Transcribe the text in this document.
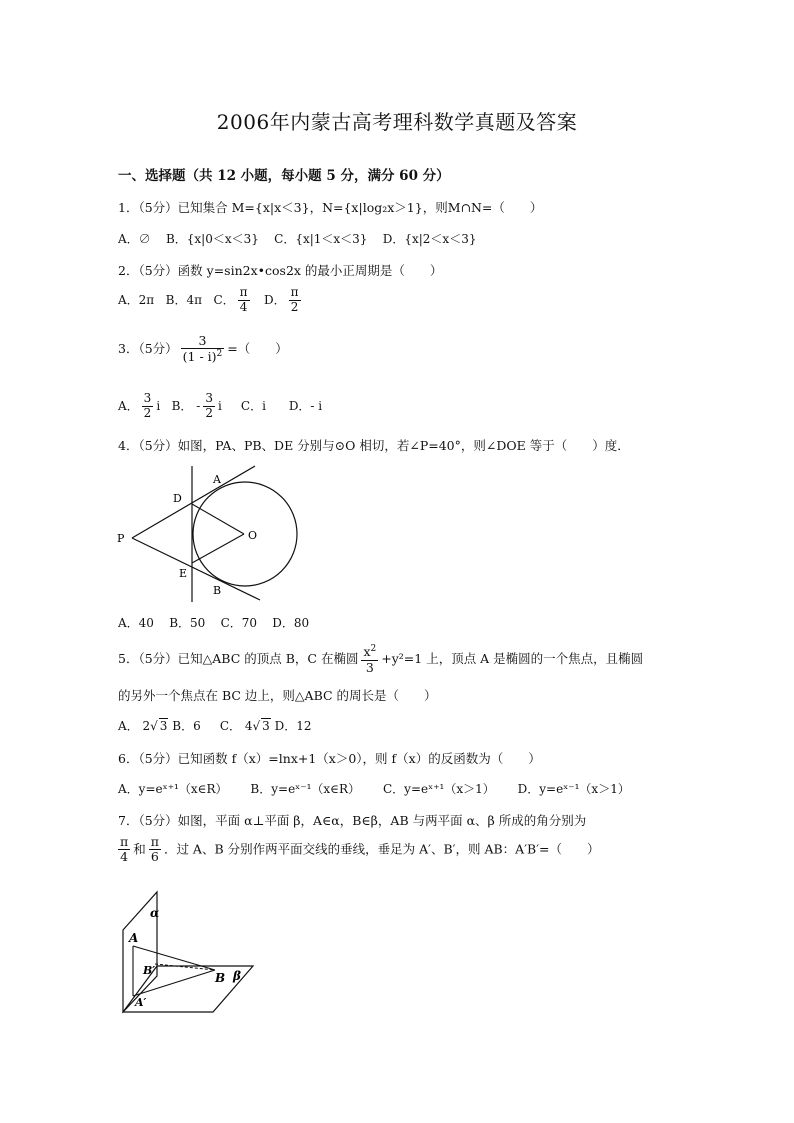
2006年内蒙古高考理科数学真题及答案
一、选择题（共 12 小题，每小题 5 分，满分 60 分）
1．（5分）已知集合 M={x|x＜3}，N={x|log₂x＞1}，则M∩N=（　　）
A．∅ B．{x|0＜x＜3} C．{x|1＜x＜3} D．{x|2＜x＜3}
2．（5分）函数 y=sin2x•cos2x 的最小正周期是（　　）
A．2π B．4π C． $\frac{\pi}{4}$ D． $\frac{\pi}{2}$
3．（5分） $\frac{3}{(1 - i)^2}$ =（　　）
A． $\frac{3}{2}$ i B． - $\frac{3}{2}$ i C．i D．- i
4．（5分）如图，PA、PB、DE 分别与⊙O 相切，若∠P=40°，则∠DOE 等于（　　）度．
P
D
A
E
B
O
A．40 B．50 C．70 D．80
5．（5分）已知△ABC 的顶点 B，C 在椭圆 $\frac{x^2}{3} +y^2=1$ 上，顶点 A 是椭圆的一个焦点，且椭圆
的另外一个焦点在 BC 边上，则△ABC 的周长是（　　）
A． 2√ 3 B．6 C． 4√ 3 D．12
6．（5分）已知函数 f（x）=lnx+1（x＞0），则 f（x）的反函数为（　　）
A．y=eˣ⁺¹（x∈R） B．y=eˣ⁻¹（x∈R） C．y=eˣ⁺¹（x＞1） D．y=eˣ⁻¹（x＞1）
7．（5分）如图，平面 α⊥平面 β，A∈α，B∈β，AB 与两平面 α、β 所成的角分别为
$\frac{\pi}{4}$ 和 $\frac{\pi}{6}$ ．过 A、B 分别作两平面交线的垂线，垂足为 A′、B′，则 AB：A′B′=（　　）
α
A
B′
B β
A′
